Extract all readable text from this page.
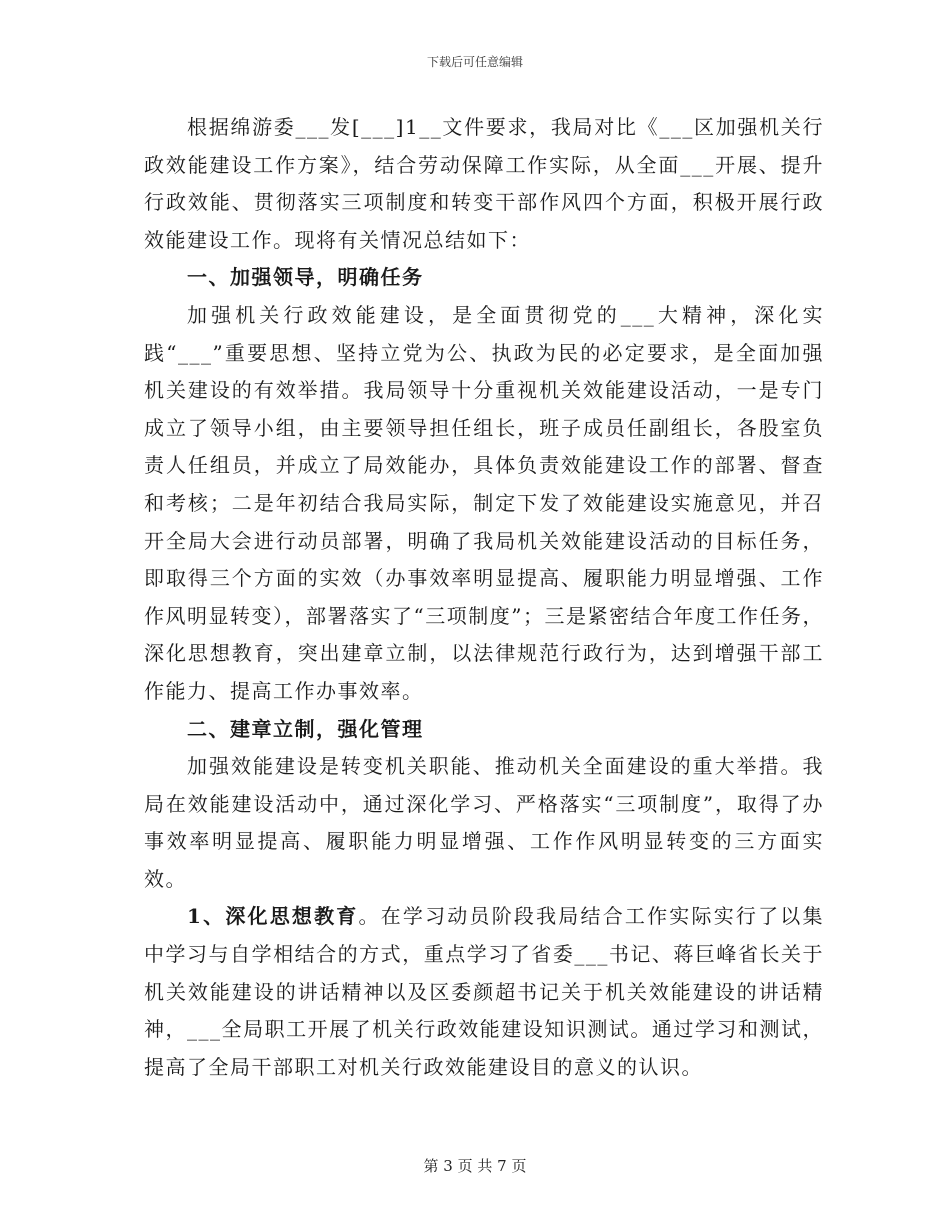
下载后可任意编辑

根据绵游委___发[___]1__文件要求，我局对比《___区加强机关行政效能建设工作方案》，结合劳动保障工作实际，从全面___开展、提升行政效能、贯彻落实三项制度和转变干部作风四个方面，积极开展行政效能建设工作。现将有关情况总结如下：

一、加强领导，明确任务

加强机关行政效能建设，是全面贯彻党的___大精神，深化实践“___”重要思想、坚持立党为公、执政为民的必定要求，是全面加强机关建设的有效举措。我局领导十分重视机关效能建设活动，一是专门成立了领导小组，由主要领导担任组长，班子成员任副组长，各股室负责人任组员，并成立了局效能办，具体负责效能建设工作的部署、督查和考核；二是年初结合我局实际，制定下发了效能建设实施意见，并召开全局大会进行动员部署，明确了我局机关效能建设活动的目标任务，即取得三个方面的实效（办事效率明显提高、履职能力明显增强、工作作风明显转变），部署落实了“三项制度”；三是紧密结合年度工作任务，深化思想教育，突出建章立制，以法律规范行政行为，达到增强干部工作能力、提高工作办事效率。

二、建章立制，强化管理

加强效能建设是转变机关职能、推动机关全面建设的重大举措。我局在效能建设活动中，通过深化学习、严格落实“三项制度”，取得了办事效率明显提高、履职能力明显增强、工作作风明显转变的三方面实效。

1、深化思想教育。在学习动员阶段我局结合工作实际实行了以集中学习与自学相结合的方式，重点学习了省委___书记、蒋巨峰省长关于机关效能建设的讲话精神以及区委颜超书记关于机关效能建设的讲话精神，___全局职工开展了机关行政效能建设知识测试。通过学习和测试，提高了全局干部职工对机关行政效能建设目的意义的认识。

第 3 页 共 7 页
